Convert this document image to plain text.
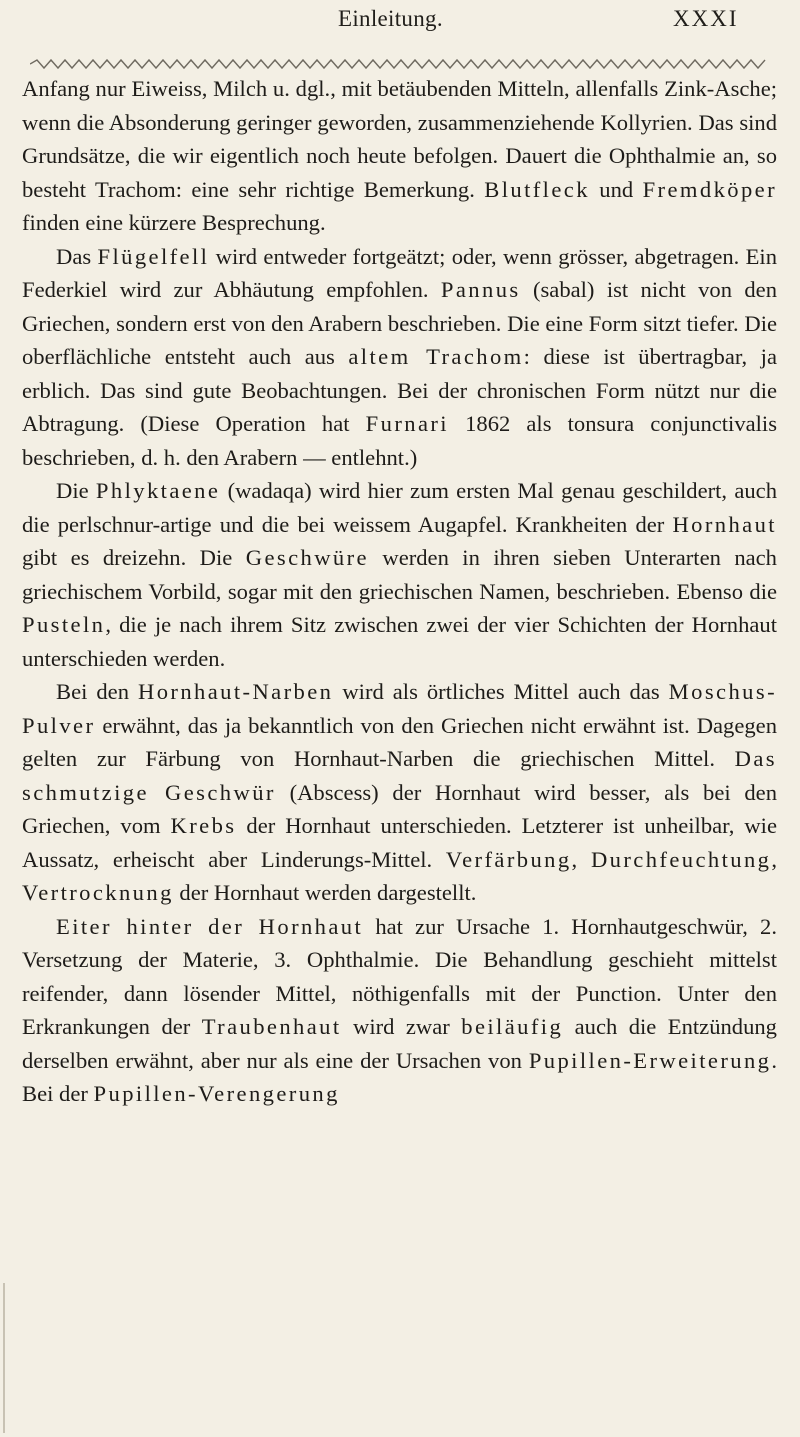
Einleitung.	XXXI

Anfang nur Eiweiss, Milch u. dgl., mit betäubenden Mitteln, allenfalls Zink-Asche; wenn die Absonderung geringer geworden, zusammenziehende Kollyrien. Das sind Grundsätze, die wir eigentlich noch heute befolgen. Dauert die Ophthalmie an, so besteht Trachom: eine sehr richtige Bemerkung. Blutfleck und Fremdköper finden eine kürzere Besprechung.

Das Flügelfell wird entweder fortgeätzt; oder, wenn grösser, abgetragen. Ein Federkiel wird zur Abhäutung empfohlen. Pannus (sabal) ist nicht von den Griechen, sondern erst von den Arabern beschrieben. Die eine Form sitzt tiefer. Die oberflächliche entsteht auch aus altem Trachom: diese ist übertragbar, ja erblich. Das sind gute Beobachtungen. Bei der chronischen Form nützt nur die Abtragung. (Diese Operation hat Furnari 1862 als tonsura conjunctivalis beschrieben, d. h. den Arabern — entlehnt.)

Die Phlyktaene (wadaqa) wird hier zum ersten Mal genau geschildert, auch die perlschnur-artige und die bei weissem Augapfel. Krankheiten der Hornhaut gibt es dreizehn. Die Geschwüre werden in ihren sieben Unterarten nach griechischem Vorbild, sogar mit den griechischen Namen, beschrieben. Ebenso die Pusteln, die je nach ihrem Sitz zwischen zwei der vier Schichten der Hornhaut unterschieden werden.

Bei den Hornhaut-Narben wird als örtliches Mittel auch das Moschus-Pulver erwähnt, das ja bekanntlich von den Griechen nicht erwähnt ist. Dagegen gelten zur Färbung von Hornhaut-Narben die griechischen Mittel. Das schmutzige Geschwür (Abscess) der Hornhaut wird besser, als bei den Griechen, vom Krebs der Hornhaut unterschieden. Letzterer ist unheilbar, wie Aussatz, erheischt aber Linderungs-Mittel. Verfärbung, Durchfeuchtung, Vertrocknung der Hornhaut werden dargestellt.

Eiter hinter der Hornhaut hat zur Ursache 1. Hornhautgeschwür, 2. Versetzung der Materie, 3. Ophthalmie. Die Behandlung geschieht mittelst reifender, dann lösender Mittel, nöthigenfalls mit der Punction. Unter den Erkrankungen der Traubenhaut wird zwar beiläufig auch die Entzündung derselben erwähnt, aber nur als eine der Ursachen von Pupillen-Erweiterung. Bei der Pupillen-Verengerung
